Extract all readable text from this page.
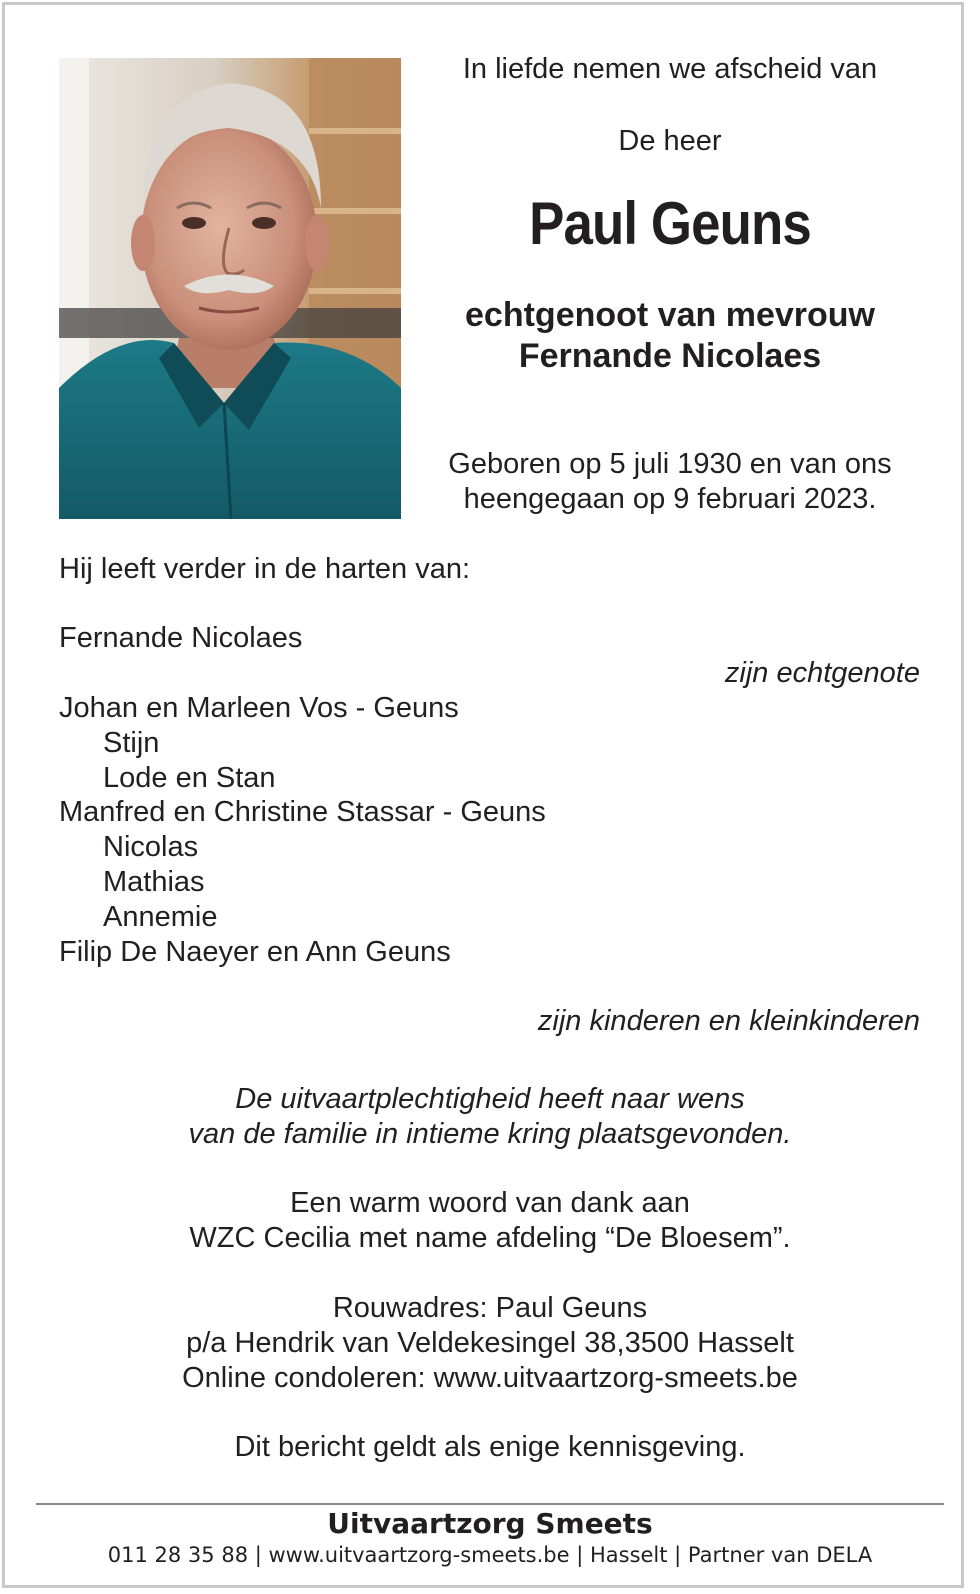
In liefde nemen we afscheid van
De heer
Paul Geuns
echtgenoot van mevrouw
Fernande Nicolaes
Geboren op 5 juli 1930 en van ons
heengegaan op 9 februari 2023.
Hij leeft verder in de harten van:
Fernande Nicolaes
zijn echtgenote
Johan en Marleen Vos - Geuns
Stijn
Lode en Stan
Manfred en Christine Stassar - Geuns
Nicolas
Mathias
Annemie
Filip De Naeyer en Ann Geuns
zijn kinderen en kleinkinderen
De uitvaartplechtigheid heeft naar wens
van de familie in intieme kring plaatsgevonden.
Een warm woord van dank aan
WZC Cecilia met name afdeling “De Bloesem”.
Rouwadres: Paul Geuns
p/a Hendrik van Veldekesingel 38,3500 Hasselt
Online condoleren: www.uitvaartzorg-smeets.be
Dit bericht geldt als enige kennisgeving.
Uitvaartzorg Smeets
011 28 35 88 | www.uitvaartzorg-smeets.be | Hasselt | Partner van DELA
